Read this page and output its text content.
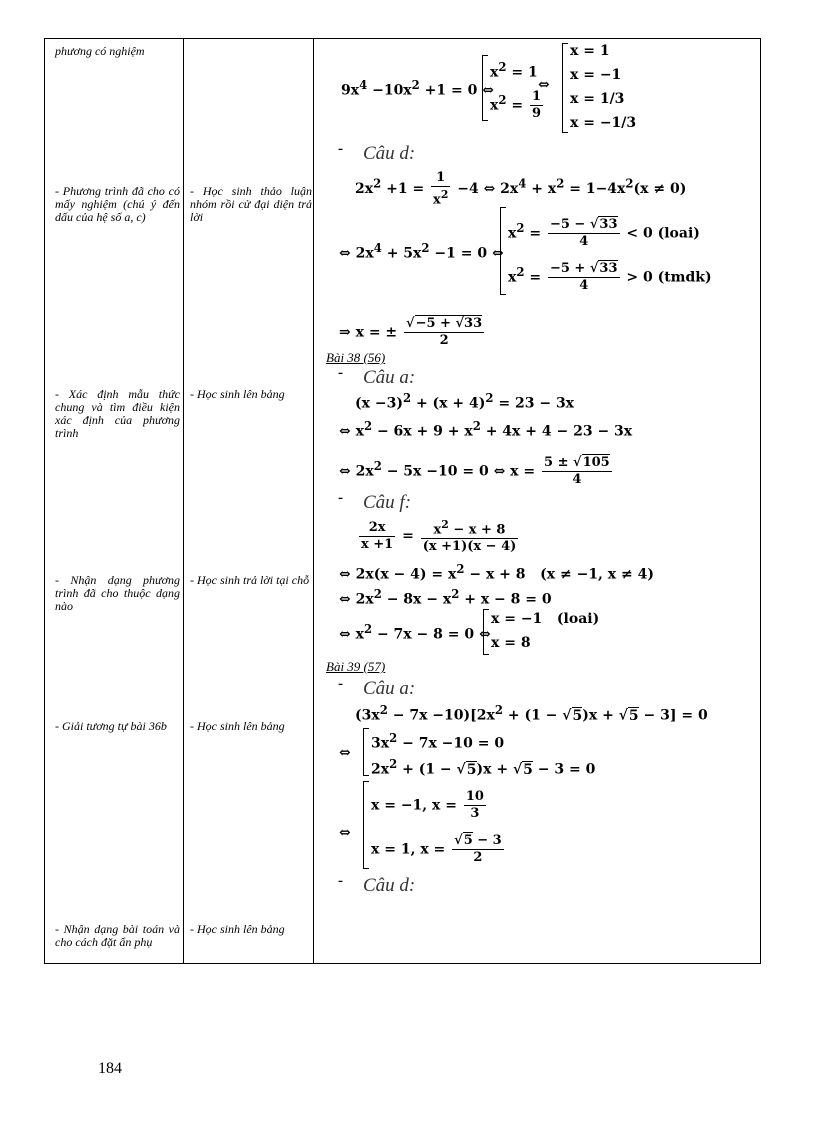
phương có nghiệm
- Phương trình đã cho có mấy nghiệm (chú ý đến dấu của hệ số a, c)
- Xác định mẫu thức chung và tìm điều kiện xác định của phương trình
- Nhận dạng phương trình đã cho thuộc dạng nào
- Giải tương tự bài 36b
- Nhận dạng bài toán và cho cách đặt ẩn phụ
- Học sinh thảo luận nhóm rồi cử đại diện trả lời
- Học sinh lên bảng
- Học sinh trả lời tại chỗ
- Học sinh lên bảng
- Học sinh lên bảng
$9x^4 -10x^2 +1 = 0$ ⇔
$x^2 = 1$
$x^2 = \frac{1}{9}$
⇔
x = 1
x = −1
x = 1/3
x = −1/3
- Câu d:
$2x^2 +1 = \frac{1}{x^2} -4$ ⇔ $2x^4 + x^2 = 1-4x^2(x \ne 0)$
⇔ $2x^4 + 5x^2 -1 = 0$ ⇔
$x^2 = \frac{-5 - √33}{4} < 0$ (loai)
$x^2 = \frac{-5 + √33}{4} > 0$ (tmdk)
⇒ x = ± $\frac{√-5 + √33}{2}$
Bài 38 (56)
- Câu a:
$(x -3)^2 + (x + 4)^2 = 23 - 3x$
⇔ $x^2 - 6x + 9 + x^2 + 4x + 4 - 23 - 3x$
⇔ $2x^2 - 5x -10 = 0$ ⇔ $x = \frac{5 \pm √105}{4}$
- Câu f:
$\frac{2x}{x +1} = \frac{x^2 - x + 8}{(x +1)(x - 4)}$
⇔ $2x(x - 4) = x^2 - x + 8$   (x ≠ −1, x ≠ 4)
⇔ $2x^2 - 8x - x^2 + x - 8 = 0$
⇔ $x^2 - 7x - 8 = 0$ ⇔
x = −1   (loai)
x = 8
Bài 39 (57)
- Câu a:
$(3x^2 - 7x -10)[2x^2 + (1 - √5)x + √5 - 3] = 0$
⇔
$3x^2 - 7x -10 = 0$
$2x^2 + (1 - √5)x + √5 - 3 = 0$
⇔
x = −1, $x = \frac{10}{3}$
x = 1, $x = \frac{√5 - 3}{2}$
- Câu d:
184
